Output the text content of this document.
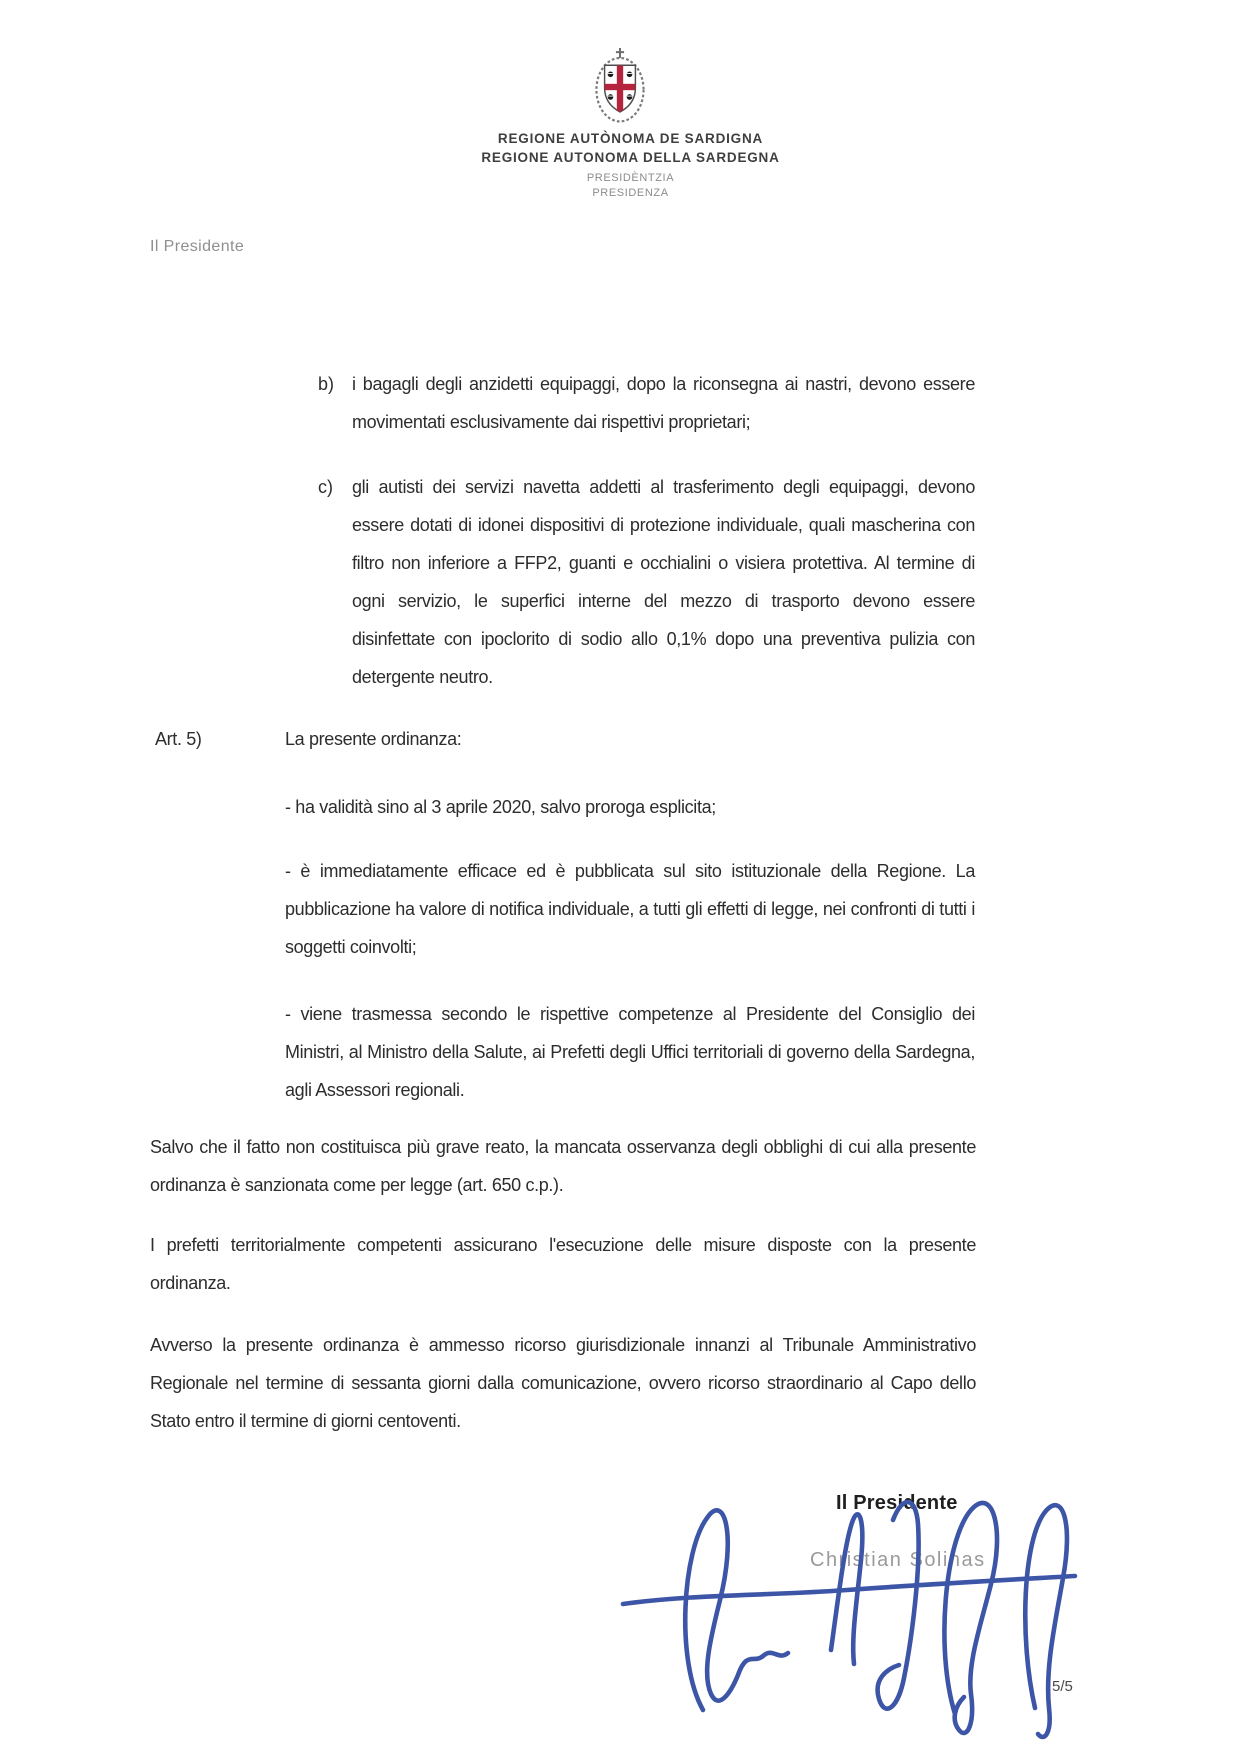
REGIONE AUTÒNOMA DE SARDIGNA
REGIONE AUTONOMA DELLA SARDEGNA
PRESIDÈNTZIA
PRESIDENZA
Il Presidente
b) i bagagli degli anzidetti equipaggi, dopo la riconsegna ai nastri, devono essere movimentati esclusivamente dai rispettivi proprietari;
c) gli autisti dei servizi navetta addetti al trasferimento degli equipaggi, devono essere dotati di idonei dispositivi di protezione individuale, quali mascherina con filtro non inferiore a FFP2, guanti e occhialini o visiera protettiva. Al termine di ogni servizio, le superfici interne del mezzo di trasporto devono essere disinfettate con ipoclorito di sodio allo 0,1% dopo una preventiva pulizia con detergente neutro.
Art. 5)	La presente ordinanza:
- ha validità sino al 3 aprile 2020, salvo proroga esplicita;
- è immediatamente efficace ed è pubblicata sul sito istituzionale della Regione. La pubblicazione ha valore di notifica individuale, a tutti gli effetti di legge, nei confronti di tutti i soggetti coinvolti;
- viene trasmessa secondo le rispettive competenze al Presidente del Consiglio dei Ministri, al Ministro della Salute, ai Prefetti degli Uffici territoriali di governo della Sardegna, agli Assessori regionali.
Salvo che il fatto non costituisca più grave reato, la mancata osservanza degli obblighi di cui alla presente ordinanza è sanzionata come per legge (art. 650 c.p.).
I prefetti territorialmente competenti assicurano l'esecuzione delle misure disposte con la presente ordinanza.
Avverso la presente ordinanza è ammesso ricorso giurisdizionale innanzi al Tribunale Amministrativo Regionale nel termine di sessanta giorni dalla comunicazione, ovvero ricorso straordinario al Capo dello Stato entro il termine di giorni centoventi.
Il Presidente
Christian Solinas
5/5
